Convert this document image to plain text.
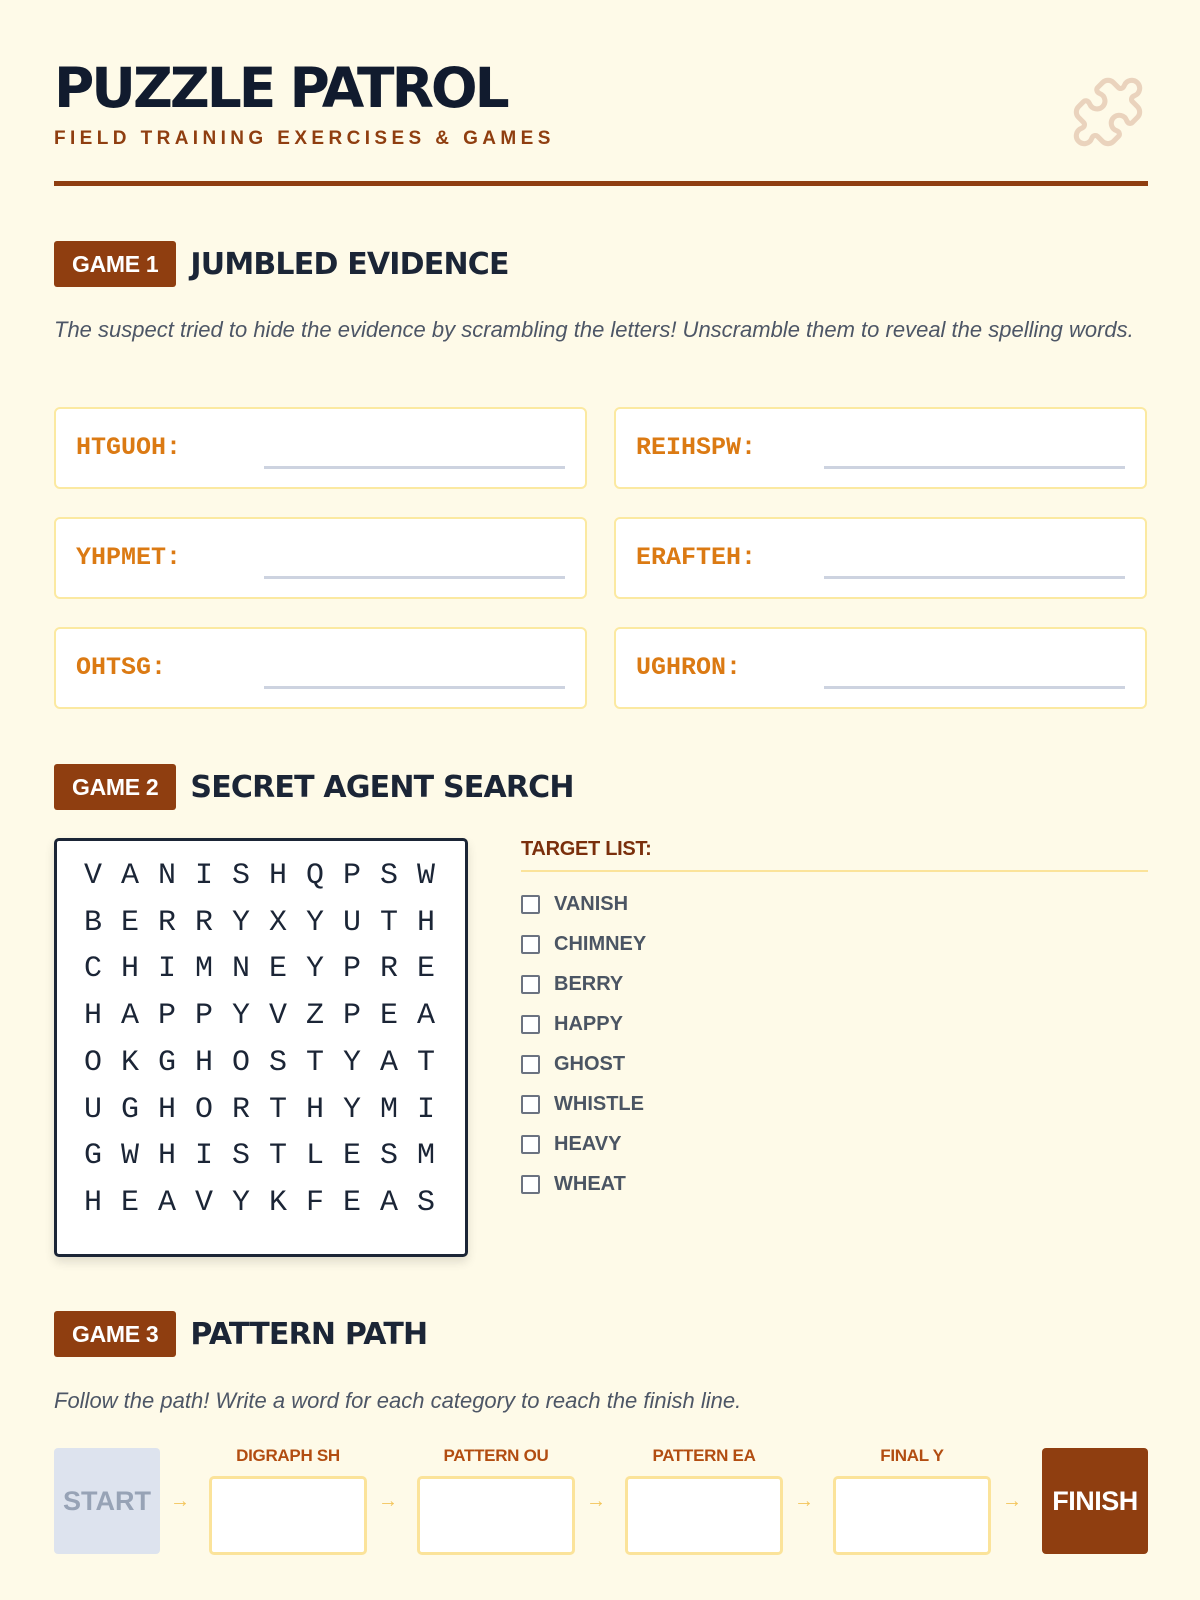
PUZZLE PATROL
FIELD TRAINING EXERCISES & GAMES
GAME 1	JUMBLED EVIDENCE
The suspect tried to hide the evidence by scrambling the letters! Unscramble them to reveal the spelling words.
HTGUOH:	REIHSPW:
YHPMET:	ERAFTEH:
OHTSG:	UGHRON:
GAME 2	SECRET AGENT SEARCH
V A N I S H Q P S W
B E R R Y X Y U T H
C H I M N E Y P R E
H A P P Y V Z P E A
O K G H O S T Y A T
U G H O R T H Y M I
G W H I S T L E S M
H E A V Y K F E A S
TARGET LIST:
VANISH
CHIMNEY
BERRY
HAPPY
GHOST
WHISTLE
HEAVY
WHEAT
GAME 3	PATTERN PATH
Follow the path! Write a word for each category to reach the finish line.
START →
DIGRAPH SH
→
PATTERN OU
→
PATTERN EA
→
FINAL Y
→	FINISH
